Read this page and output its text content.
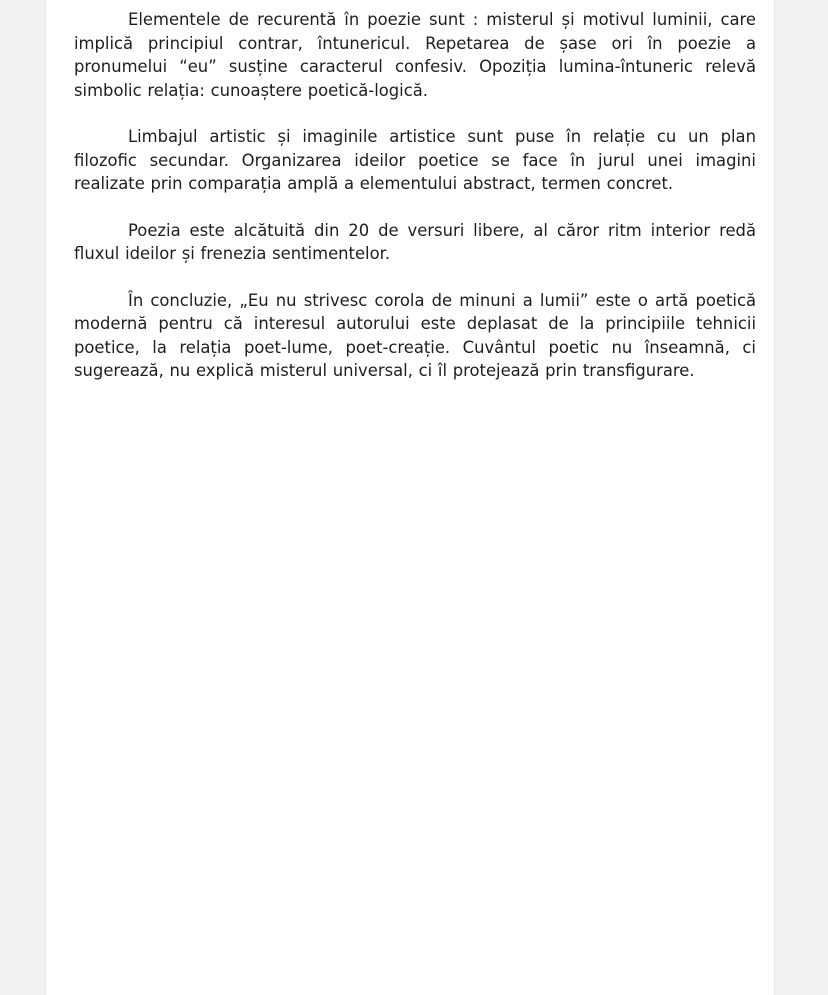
Elementele de recurentă în poezie sunt : misterul și motivul luminii, care implică principiul contrar, întunericul. Repetarea de șase ori în poezie a pronumelui “eu” susține caracterul confesiv. Opoziția lumina-întuneric relevă simbolic relația: cunoaștere poetică-logică.

Limbajul artistic și imaginile artistice sunt puse în relație cu un plan filozofic secundar. Organizarea ideilor poetice se face în jurul unei imagini realizate prin comparația amplă a elementului abstract, termen concret.

Poezia este alcătuită din 20 de versuri libere, al căror ritm interior redă fluxul ideilor și frenezia sentimentelor.

În concluzie, „Eu nu strivesc corola de minuni a lumii” este o artă poetică modernă pentru că interesul autorului este deplasat de la principiile tehnicii poetice, la relația poet-lume, poet-creație. Cuvântul poetic nu înseamnă, ci sugerează, nu explică misterul universal, ci îl protejează prin transfigurare.
